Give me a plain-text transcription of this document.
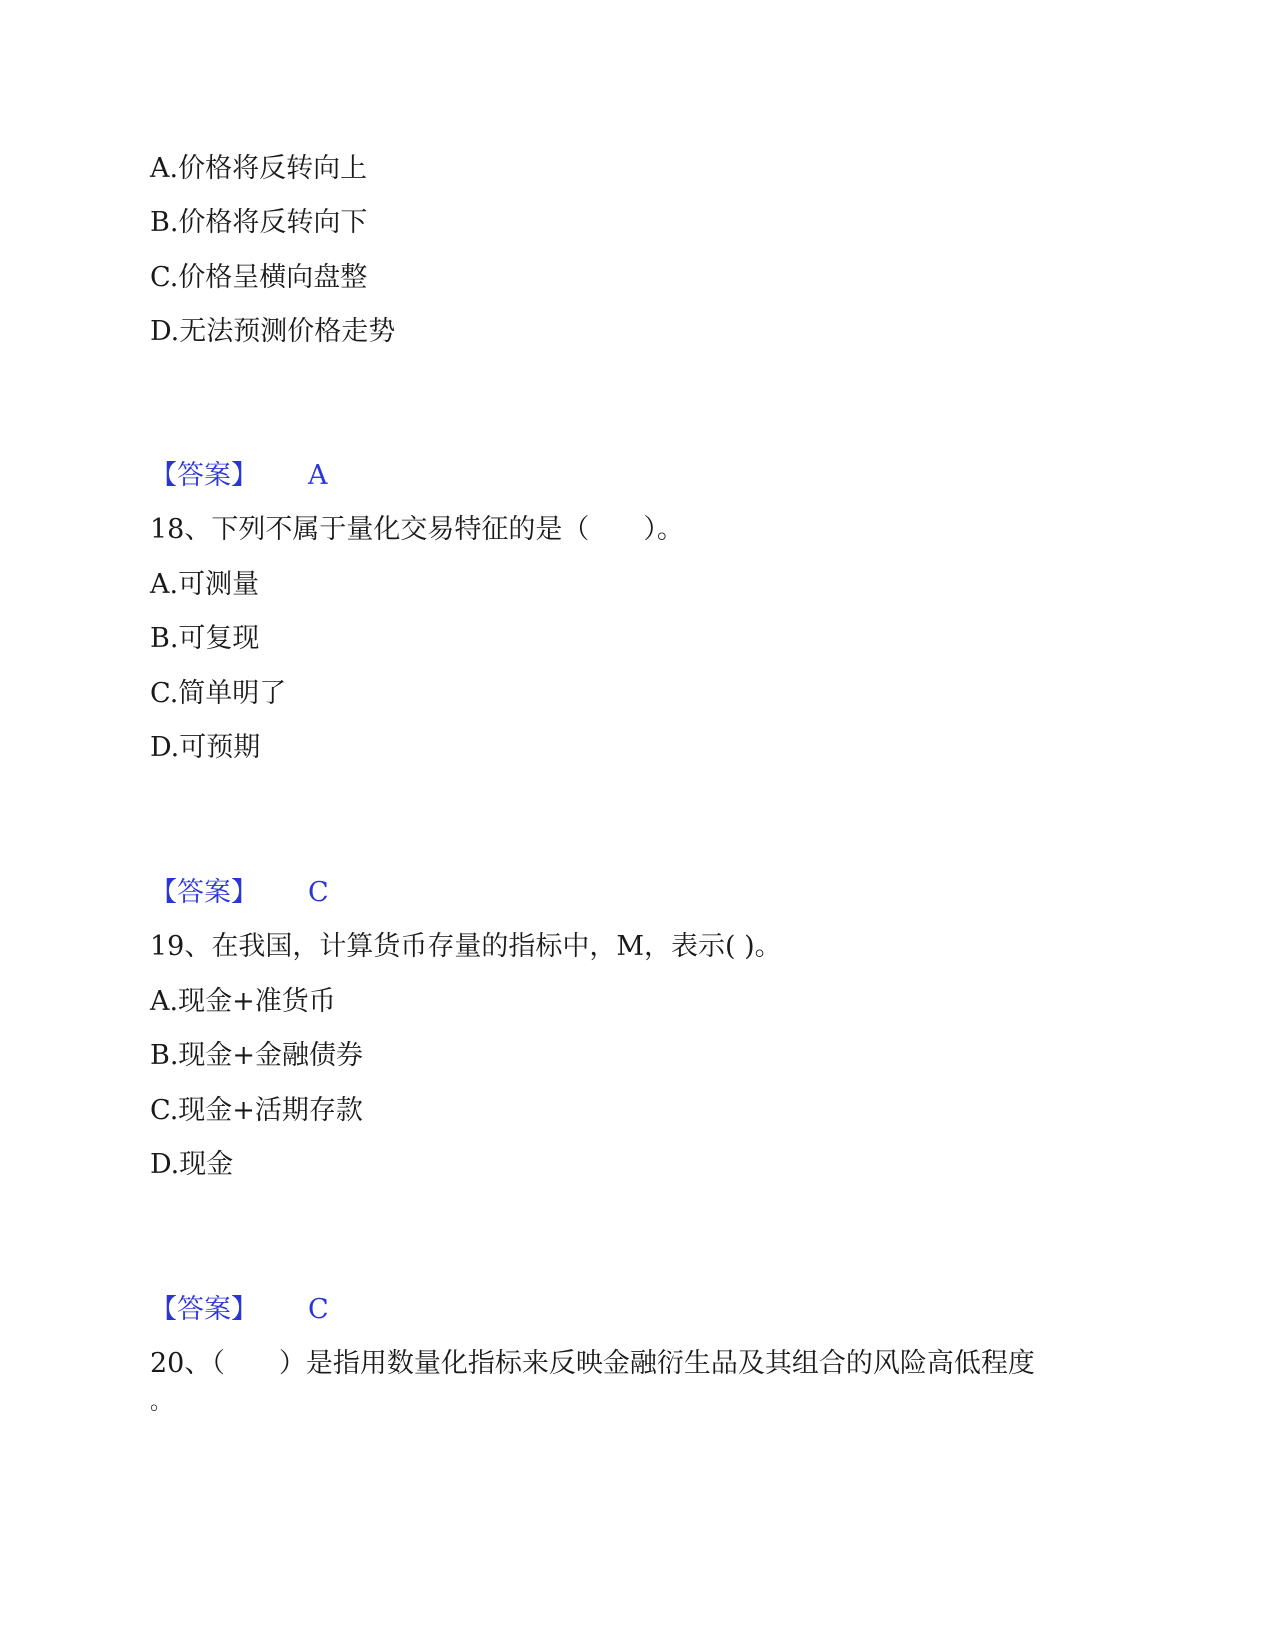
A.价格将反转向上
B.价格将反转向下
C.价格呈横向盘整
D.无法预测价格走势
【答案】 A
18、下列不属于量化交易特征的是（　　）。
A.可测量
B.可复现
C.简单明了
D.可预期
【答案】 C
19、在我国，计算货币存量的指标中，M，表示( )。
A.现金+准货币
B.现金+金融债券
C.现金+活期存款
D.现金
【答案】 C
20、（　　）是指用数量化指标来反映金融衍生品及其组合的风险高低程度
。
